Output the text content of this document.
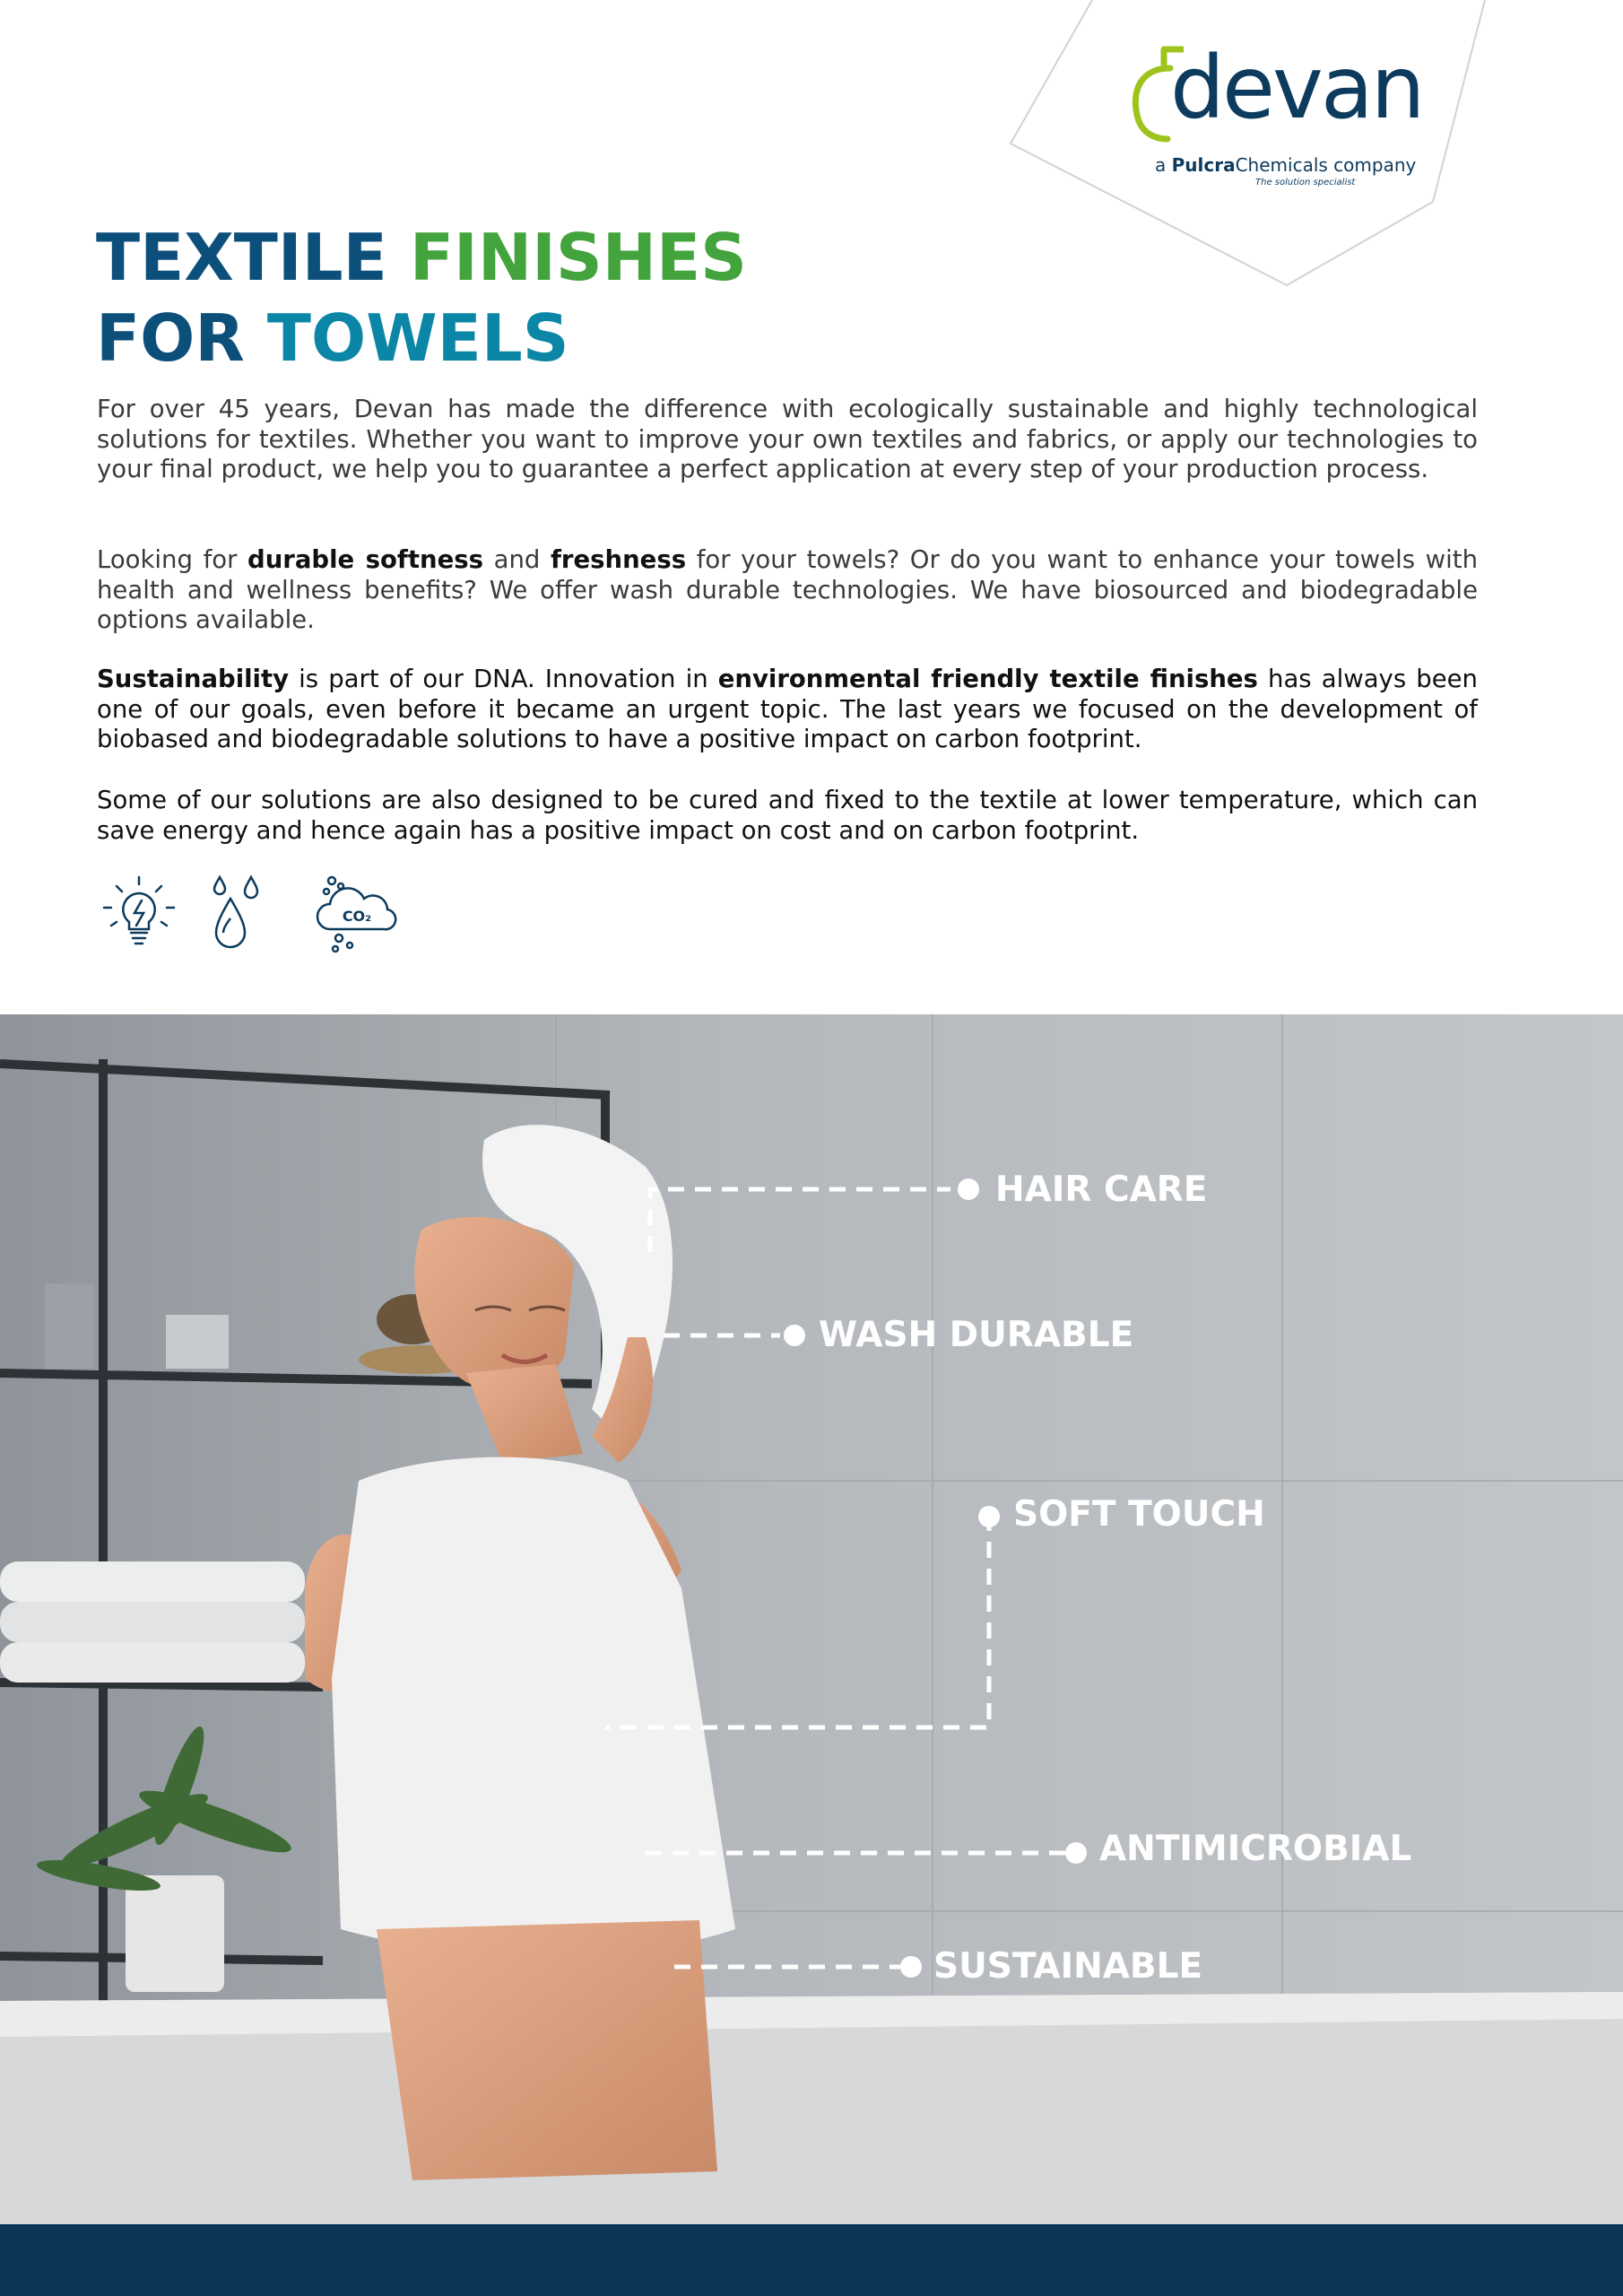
devan
a PulcraChemicals company
The solution specialist
TEXTILE FINISHES
FOR TOWELS

For over 45 years, Devan has made the difference with ecologically sustainable and highly technological solutions for textiles. Whether you want to improve your own textiles and fabrics, or apply our technologies to your final product, we help you to guarantee a perfect application at every step of your production process.

Looking for durable softness and freshness for your towels? Or do you want to enhance your towels with health and wellness benefits? We offer wash durable technologies. We have biosourced and biodegradable options available.

Sustainability is part of our DNA. Innovation in environmental friendly textile finishes has always been one of our goals, even before it became an urgent topic. The last years we focused on the development of biobased and biodegradable solutions to have a positive impact on carbon footprint.

Some of our solutions are also designed to be cured and fixed to the textile at lower temperature, which can save energy and hence again has a positive impact on cost and on carbon footprint.

CO₂
HAIR CARE
WASH DURABLE
SOFT TOUCH
ANTIMICROBIAL
SUSTAINABLE
